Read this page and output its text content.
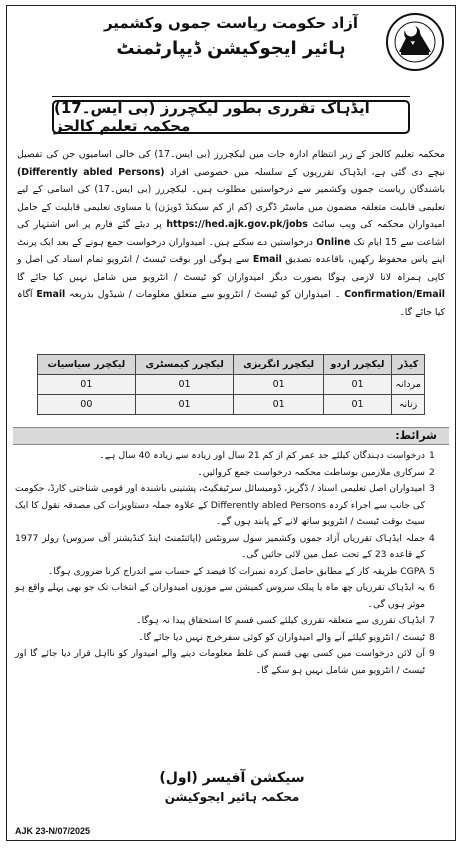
آزاد حکومت ریاست جموں وکشمیر
ہائیر ایجوکیشن ڈیپارٹمنٹ
ایڈہاک تقرری بطور لیکچررز (بی ایس۔17) محکمہ تعلیم کالجز
محکمہ تعلیم کالجز کے زیر انتظام ادارہ جات میں لیکچررز (بی ایس۔17) کی خالی اسامیوں جن کی تفصیل نیچے دی گئی ہے، ایڈہاک تقرریوں کے سلسلہ میں خصوصی افراد (Differently abled Persons) باشندگان ریاست جموں وکشمیر سے درخواستیں مطلوب ہیں۔ لیکچررز (بی ایس۔17) کی اسامی کے لیے تعلیمی قابلیت متعلقہ مضمون میں ماسٹر ڈگری (کم از کم سیکنڈ ڈویژن) یا مساوی تعلیمی قابلیت کے حامل امیدواران محکمہ کی ویب سائٹ https://hed.ajk.gov.pk/jobs پر دیئے گئے فارم پر اس اشتہار کی اشاعت سے 15 ایام تک Online درخواستیں دے سکتے ہیں۔ امیدواران درخواست جمع ہونے کے بعد ایک پرنٹ اپنے پاس محفوظ رکھیں، باقاعدہ تصدیق Email سے ہوگی اور بوقت ٹیسٹ / انٹرویو تمام اسناد کی اصل و کاپی ہمراہ لانا لازمی ہوگا بصورت دیگر امیدواران کو ٹیسٹ / انٹرویو میں شامل نہیں کیا جائے گا Confirmation/Email ۔ امیدواران کو ٹیسٹ / انٹرویو سے متعلق معلومات / شیڈول بذریعہ Email آگاہ کیا جائے گا۔
کیڈر	لیکچرر اردو	لیکچرر انگریزی	لیکچرر کیمسٹری	لیکچرر سیاسیات
مردانہ	01	01	01	01
زنانہ	01	01	01	00
شرائط:
1
درخواست دہندگان کیلئے حد عمر کم از کم 21 سال اور زیادہ سے زیادہ 40 سال ہے۔
2
سرکاری ملازمین بوساطت محکمہ درخواست جمع کروائیں۔
3
امیدواران اصل تعلیمی اسناد / ڈگریز، ڈومیسائل سرٹیفکیٹ، پشتینی باشندہ اور قومی شناختی کارڈ، حکومت کی جانب سے اجراء کردہ Differently abled Persons کے علاوہ جملہ دستاویزات کی مصدقہ نقول کا ایک سیٹ بوقت ٹیسٹ / انٹرویو ساتھ لانے کے پابند ہوں گے۔
4
جملہ ایڈہاک تقرریاں آزاد جموں وکشمیر سول سرونٹس (اپائنٹمنٹ اینڈ کنڈیشنز آف سروس) رولز 1977 کے قاعدہ 23 کے تحت عمل میں لائی جائیں گی۔
5
CGPA طریقہ کار کے مطابق حاصل کردہ نمبرات کا فیصد کے حساب سے اندراج کرنا ضروری ہوگا۔
6
یہ ایڈہاک تقرریاں چھ ماہ یا پبلک سروس کمیشن سے موزوں امیدواران کے انتخاب تک جو بھی پہلے واقع ہو موثر ہوں گی۔
7
ایڈہاک تقرری سے متعلقہ تقرری کیلئے کسی قسم کا استحقاق پیدا نہ ہوگا۔
8
ٹیسٹ / انٹرویو کیلئے آنے والے امیدواران کو کوئی سفرخرچ نہیں دیا جائے گا۔
9
آن لائن درخواست میں کسی بھی قسم کی غلط معلومات دینے والے امیدوار کو نااہل قرار دیا جائے گا اور ٹیسٹ / انٹرویو میں شامل نہیں ہو سکے گا۔
سیکشن آفیسر (اول)
محکمہ ہائیر ایجوکیشن
AJK 23-N/07/2025
